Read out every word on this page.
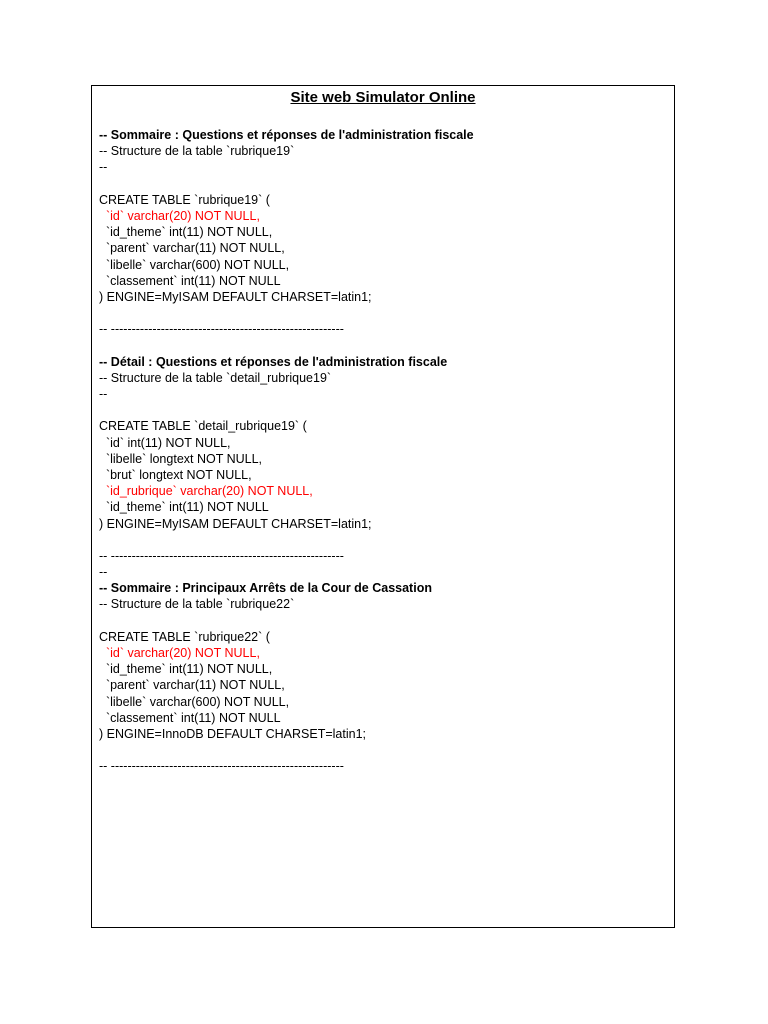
Site web Simulator Online
-- Sommaire : Questions et réponses de l'administration fiscale
-- Structure de la table `rubrique19`
--
CREATE TABLE `rubrique19` (
`id` varchar(20) NOT NULL,
`id_theme` int(11) NOT NULL,
`parent` varchar(11) NOT NULL,
`libelle` varchar(600) NOT NULL,
`classement` int(11) NOT NULL
) ENGINE=MyISAM DEFAULT CHARSET=latin1;
-- --------------------------------------------------------
-- Détail : Questions et réponses de l'administration fiscale
-- Structure de la table `detail_rubrique19`
--
CREATE TABLE `detail_rubrique19` (
`id` int(11) NOT NULL,
`libelle` longtext NOT NULL,
`brut` longtext NOT NULL,
`id_rubrique` varchar(20) NOT NULL,
`id_theme` int(11) NOT NULL
) ENGINE=MyISAM DEFAULT CHARSET=latin1;
-- --------------------------------------------------------
--
-- Sommaire : Principaux Arrêts de la Cour de Cassation
-- Structure de la table `rubrique22`
CREATE TABLE `rubrique22` (
`id` varchar(20) NOT NULL,
`id_theme` int(11) NOT NULL,
`parent` varchar(11) NOT NULL,
`libelle` varchar(600) NOT NULL,
`classement` int(11) NOT NULL
) ENGINE=InnoDB DEFAULT CHARSET=latin1;
-- --------------------------------------------------------
